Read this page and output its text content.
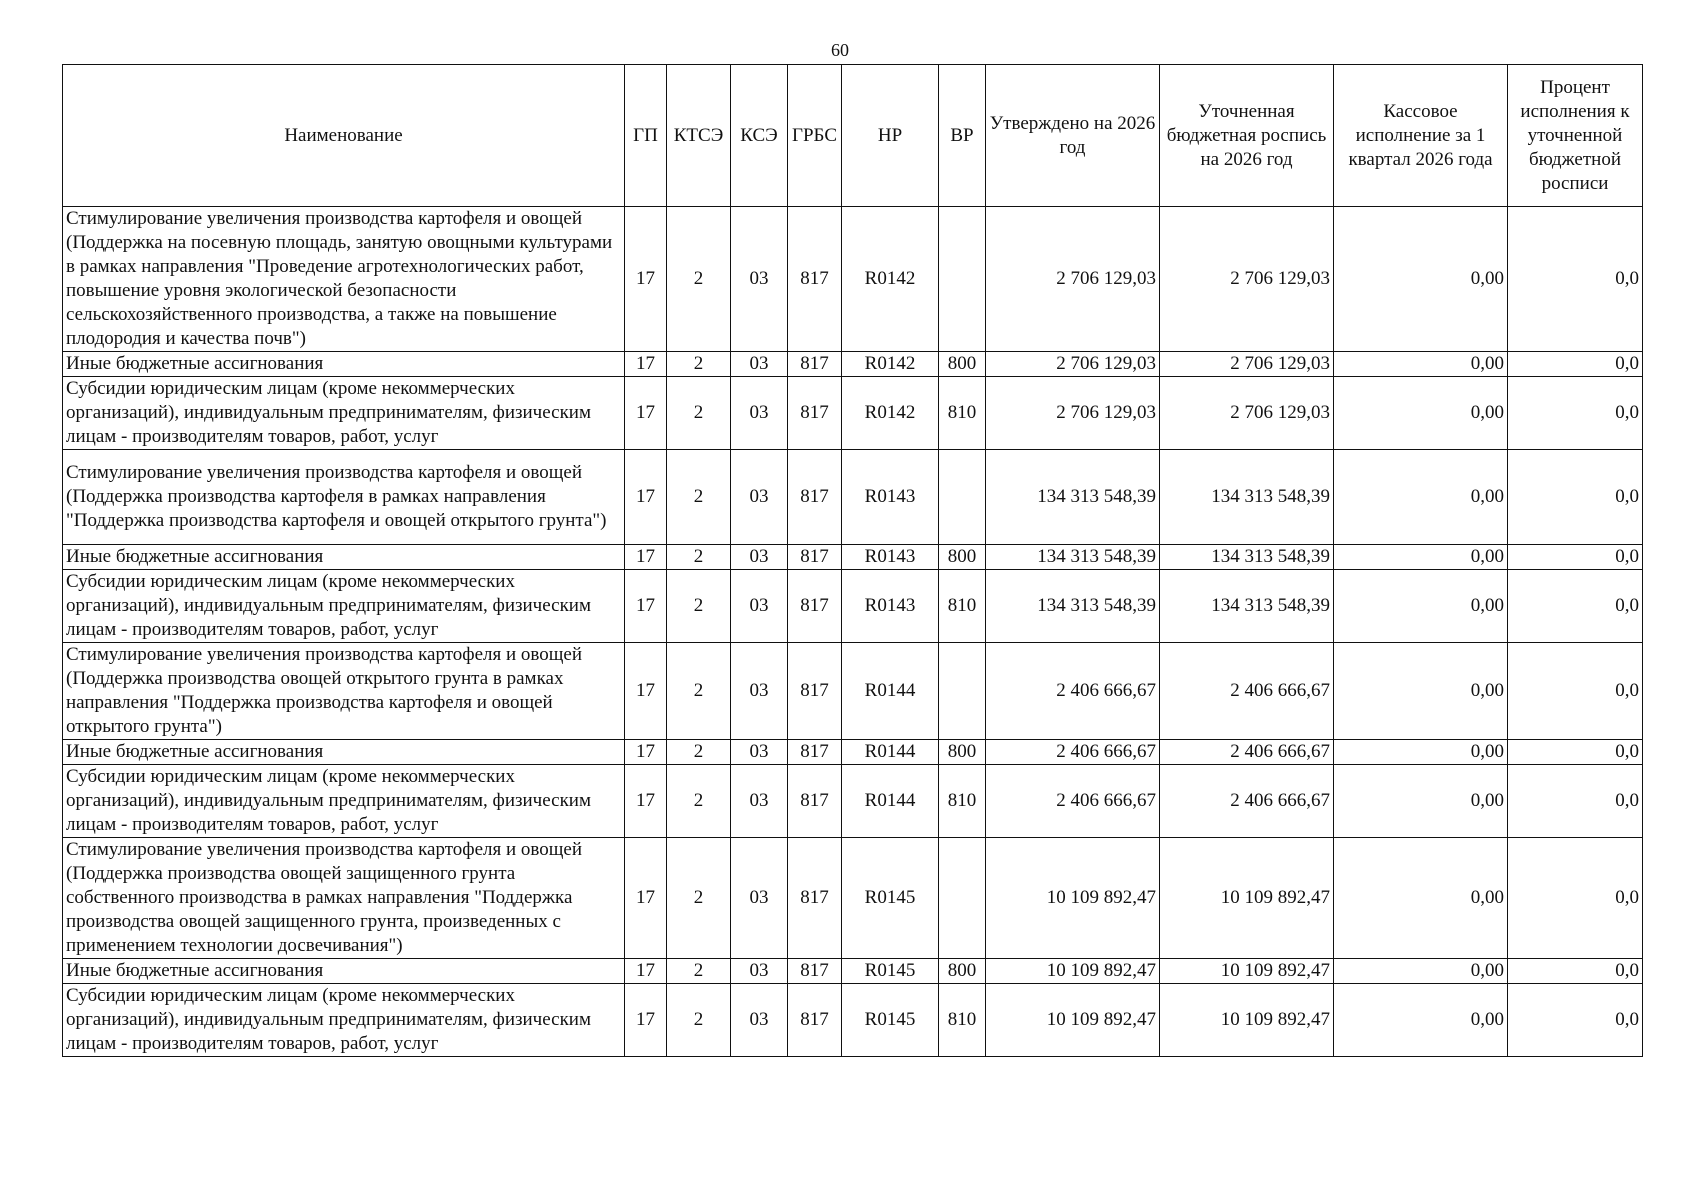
60
Наименование	ГП	КТСЭ	КСЭ	ГРБС	НР	ВР	Утверждено на 2026 год	Уточненная бюджетная роспись на 2026 год	Кассовое исполнение за 1 квартал 2026 года	Процент исполнения к уточненной бюджетной росписи
Стимулирование увеличения производства картофеля и овощей (Поддержка на посевную площадь, занятую овощными культурами в рамках направления "Проведение агротехнологических работ, повышение уровня экологической безопасности сельскохозяйственного производства, а также на повышение плодородия и качества почв")	17	2	03	817	R0142		2 706 129,03	2 706 129,03	0,00	0,0
Иные бюджетные ассигнования	17	2	03	817	R0142	800	2 706 129,03	2 706 129,03	0,00	0,0
Субсидии юридическим лицам (кроме некоммерческих организаций), индивидуальным предпринимателям, физическим лицам - производителям товаров, работ, услуг	17	2	03	817	R0142	810	2 706 129,03	2 706 129,03	0,00	0,0
Стимулирование увеличения производства картофеля и овощей (Поддержка производства картофеля в рамках направления "Поддержка производства картофеля и овощей открытого грунта")	17	2	03	817	R0143		134 313 548,39	134 313 548,39	0,00	0,0
Иные бюджетные ассигнования	17	2	03	817	R0143	800	134 313 548,39	134 313 548,39	0,00	0,0
Субсидии юридическим лицам (кроме некоммерческих организаций), индивидуальным предпринимателям, физическим лицам - производителям товаров, работ, услуг	17	2	03	817	R0143	810	134 313 548,39	134 313 548,39	0,00	0,0
Стимулирование увеличения производства картофеля и овощей (Поддержка производства овощей открытого грунта в рамках направления "Поддержка производства картофеля и овощей открытого грунта")	17	2	03	817	R0144		2 406 666,67	2 406 666,67	0,00	0,0
Иные бюджетные ассигнования	17	2	03	817	R0144	800	2 406 666,67	2 406 666,67	0,00	0,0
Субсидии юридическим лицам (кроме некоммерческих организаций), индивидуальным предпринимателям, физическим лицам - производителям товаров, работ, услуг	17	2	03	817	R0144	810	2 406 666,67	2 406 666,67	0,00	0,0
Стимулирование увеличения производства картофеля и овощей (Поддержка производства овощей защищенного грунта собственного производства в рамках направления "Поддержка производства овощей защищенного грунта, произведенных с применением технологии досвечивания")	17	2	03	817	R0145		10 109 892,47	10 109 892,47	0,00	0,0
Иные бюджетные ассигнования	17	2	03	817	R0145	800	10 109 892,47	10 109 892,47	0,00	0,0
Субсидии юридическим лицам (кроме некоммерческих организаций), индивидуальным предпринимателям, физическим лицам - производителям товаров, работ, услуг	17	2	03	817	R0145	810	10 109 892,47	10 109 892,47	0,00	0,0
